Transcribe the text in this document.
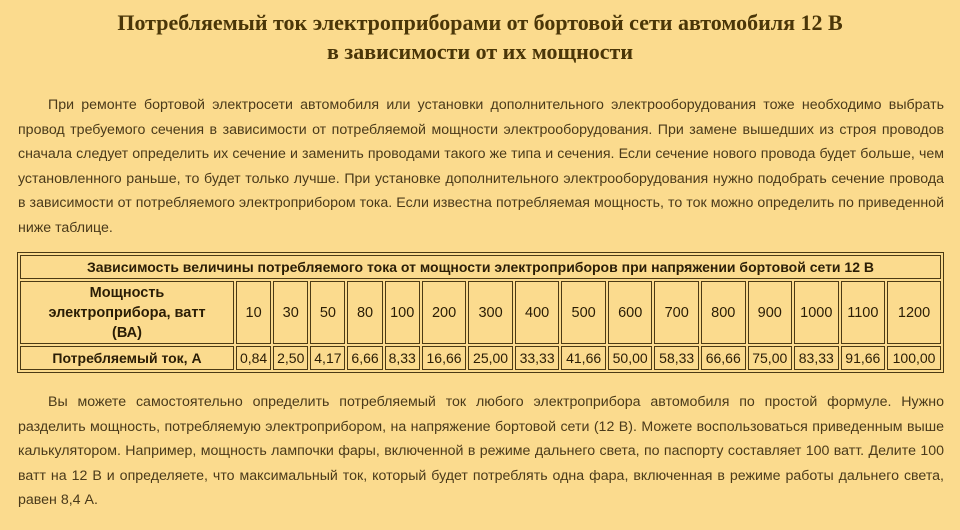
Потребляемый ток электроприборами от бортовой сети автомобиля 12 В
в зависимости от их мощности
При ремонте бортовой электросети автомобиля или установки дополнительного электрооборудования тоже необходимо выбрать провод требуемого сечения в зависимости от потребляемой мощности электрооборудования. При замене вышедших из строя проводов сначала следует определить их сечение и заменить проводами такого же типа и сечения. Если сечение нового провода будет больше, чем установленного раньше, то будет только лучше. При установке дополнительного электрооборудования нужно подобрать сечение провода в зависимости от потребляемого электроприбором тока. Если известна потребляемая мощность, то ток можно определить по приведенной ниже таблице.
Зависимость величины потребляемого тока от мощности электроприборов при напряжении бортовой сети 12 В																

Мощность
электроприбора, ватт
(ВА)	10	30	50	80	100	200	300	400	500	600	700	800	900	1000	1100	1200
Потребляемый ток, А	0,84	2,50	4,17	6,66	8,33	16,66	25,00	33,33	41,66	50,00	58,33	66,66	75,00	83,33	91,66	100,00
Вы можете самостоятельно определить потребляемый ток любого электроприбора автомобиля по простой формуле. Нужно разделить мощность, потребляемую электроприбором, на напряжение бортовой сети (12 В). Можете воспользоваться приведенным выше калькулятором. Например, мощность лампочки фары, включенной в режиме дальнего света, по паспорту составляет 100 ватт. Делите 100 ватт на 12 В и определяете, что максимальный ток, который будет потреблять одна фара, включенная в режиме работы дальнего света, равен 8,4 А.
